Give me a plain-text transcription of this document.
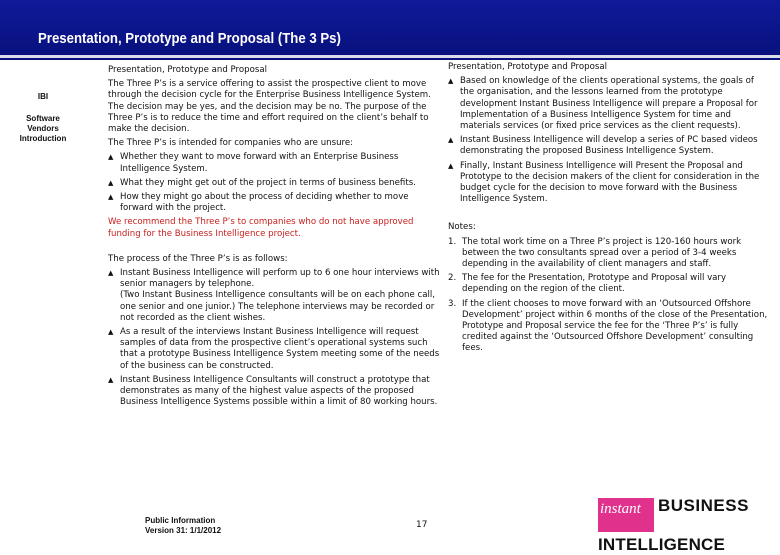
Presentation, Prototype and Proposal (The 3 Ps)
IBI
Software
Vendors
Introduction

Presentation, Prototype and Proposal

The Three P’s is a service offering to assist the prospective client to move through the decision cycle for the Enterprise Business Intelligence System. The decision may be yes, and the decision may be no. The purpose of the Three P’s is to reduce the time and effort required on the client’s behalf to make the decision.

The Three P’s is intended for companies who are unsure:

▲ Whether they want to move forward with an Enterprise Business Intelligence System.
▲ What they might get out of the project in terms of business benefits.
▲ How they might go about the process of deciding whether to move forward with the project.

We recommend the Three P’s to companies who do not have approved funding for the Business Intelligence project.

The process of the Three P’s is as follows:

▲ Instant Business Intelligence will perform up to 6 one hour interviews with senior managers by telephone.
(Two Instant Business Intelligence consultants will be on each phone call, one senior and one junior.) The telephone interviews may be recorded or not recorded as the client wishes.
▲ As a result of the interviews Instant Business Intelligence will request samples of data from the prospective client’s operational systems such that a prototype Business Intelligence System meeting some of the needs of the business can be constructed.
▲ Instant Business Intelligence Consultants will construct a prototype that demonstrates as many of the highest value aspects of the proposed Business Intelligence Systems possible within a limit of 80 working hours.

Presentation, Prototype and Proposal

▲ Based on knowledge of the clients operational systems, the goals of the organisation, and the lessons learned from the prototype development Instant Business Intelligence will prepare a Proposal for Implementation of a Business Intelligence System for time and materials services (or fixed price services as the client requests).
▲ Instant Business Intelligence will develop a series of PC based videos demonstrating the proposed Business Intelligence System.
▲ Finally, Instant Business Intelligence will Present the Proposal and Prototype to the decision makers of the client for consideration in the budget cycle for the decision to move forward with the Business Intelligence System.

Notes:

1. The total work time on a Three P’s project is 120-160 hours work between the two consultants spread over a period of 3-4 weeks depending in the availability of client managers and staff.
2. The fee for the Presentation, Prototype and Proposal will vary depending on the region of the client.
3. If the client chooses to move forward with an ‘Outsourced Offshore Development’ project within 6 months of the close of the Presentation, Prototype and Proposal service the fee for the ‘Three P’s’ is fully credited against the ‘Outsourced Offshore Development’ consulting fees.
Public Information
Version 31: 1/1/2012
17
instant	BUSINESS
INTELLIGENCE
